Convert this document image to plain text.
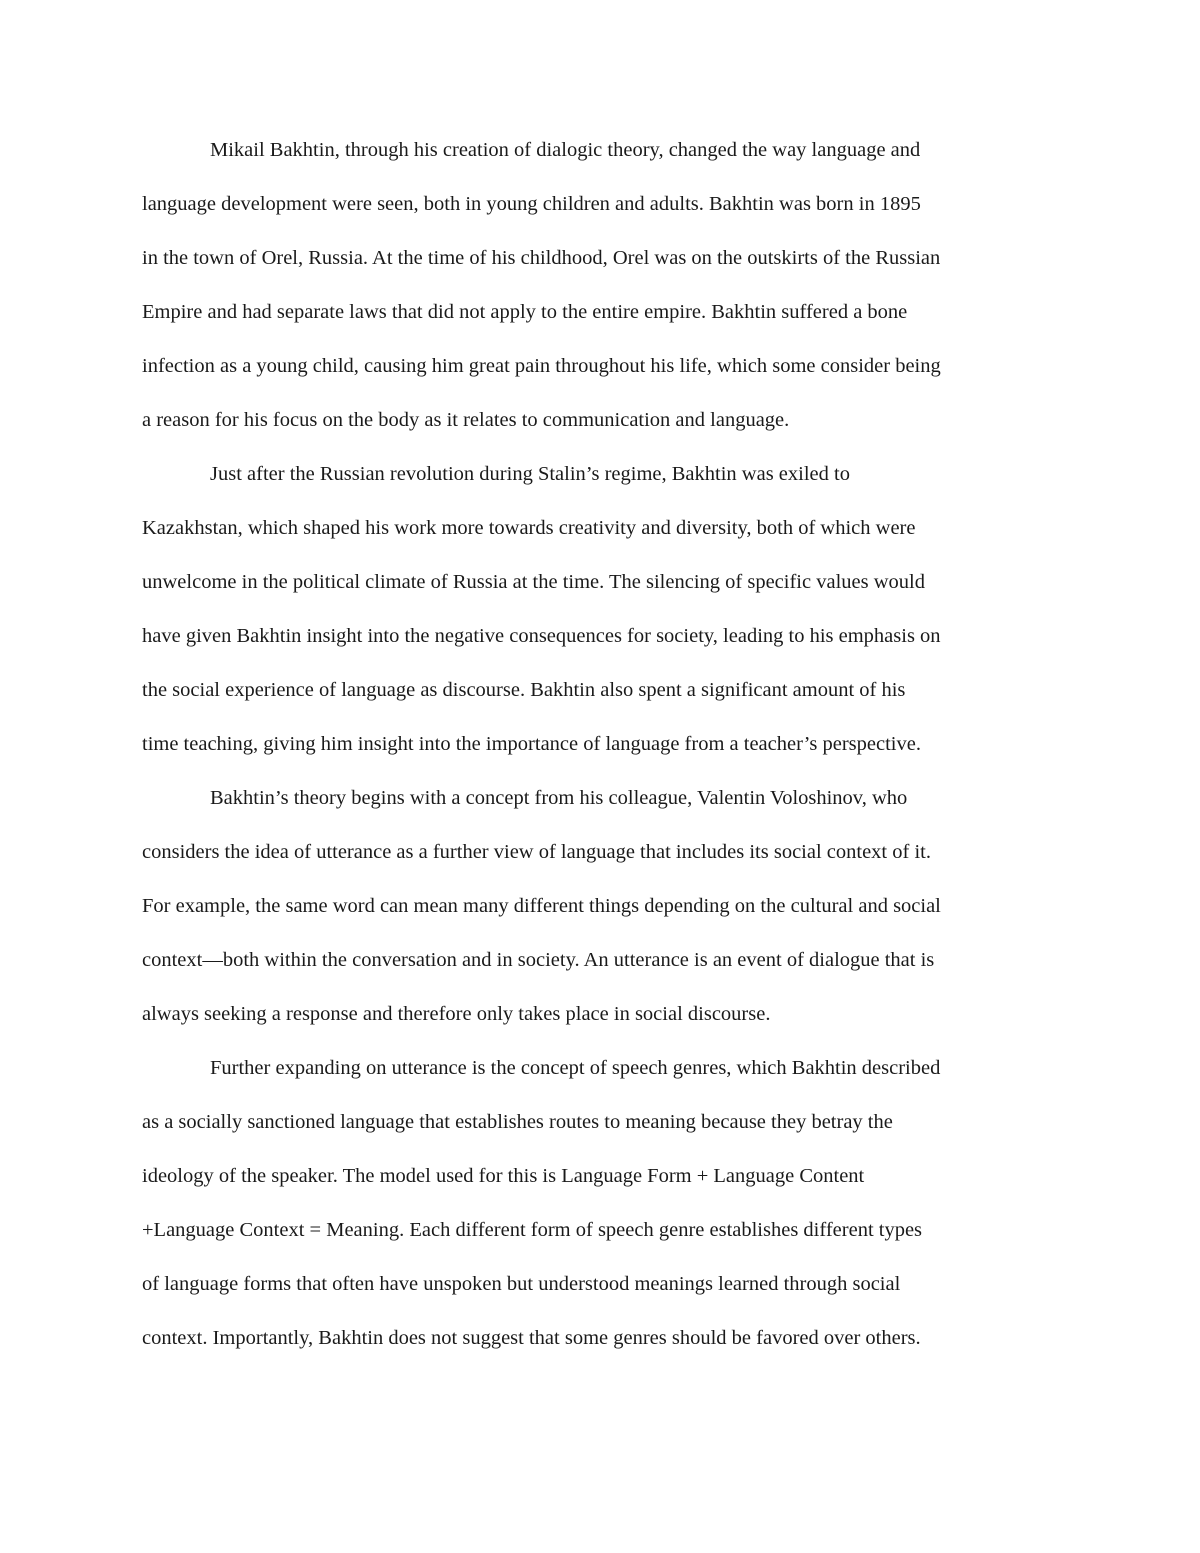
Mikail Bakhtin, through his creation of dialogic theory, changed the way language and
language development were seen, both in young children and adults. Bakhtin was born in 1895
in the town of Orel, Russia. At the time of his childhood, Orel was on the outskirts of the Russian
Empire and had separate laws that did not apply to the entire empire. Bakhtin suffered a bone
infection as a young child, causing him great pain throughout his life, which some consider being
a reason for his focus on the body as it relates to communication and language.
Just after the Russian revolution during Stalin’s regime, Bakhtin was exiled to
Kazakhstan, which shaped his work more towards creativity and diversity, both of which were
unwelcome in the political climate of Russia at the time. The silencing of specific values would
have given Bakhtin insight into the negative consequences for society, leading to his emphasis on
the social experience of language as discourse. Bakhtin also spent a significant amount of his
time teaching, giving him insight into the importance of language from a teacher’s perspective.
Bakhtin’s theory begins with a concept from his colleague, Valentin Voloshinov, who
considers the idea of utterance as a further view of language that includes its social context of it.
For example, the same word can mean many different things depending on the cultural and social
context—both within the conversation and in society. An utterance is an event of dialogue that is
always seeking a response and therefore only takes place in social discourse.
Further expanding on utterance is the concept of speech genres, which Bakhtin described
as a socially sanctioned language that establishes routes to meaning because they betray the
ideology of the speaker. The model used for this is Language Form + Language Content
+Language Context = Meaning. Each different form of speech genre establishes different types
of language forms that often have unspoken but understood meanings learned through social
context. Importantly, Bakhtin does not suggest that some genres should be favored over others.
